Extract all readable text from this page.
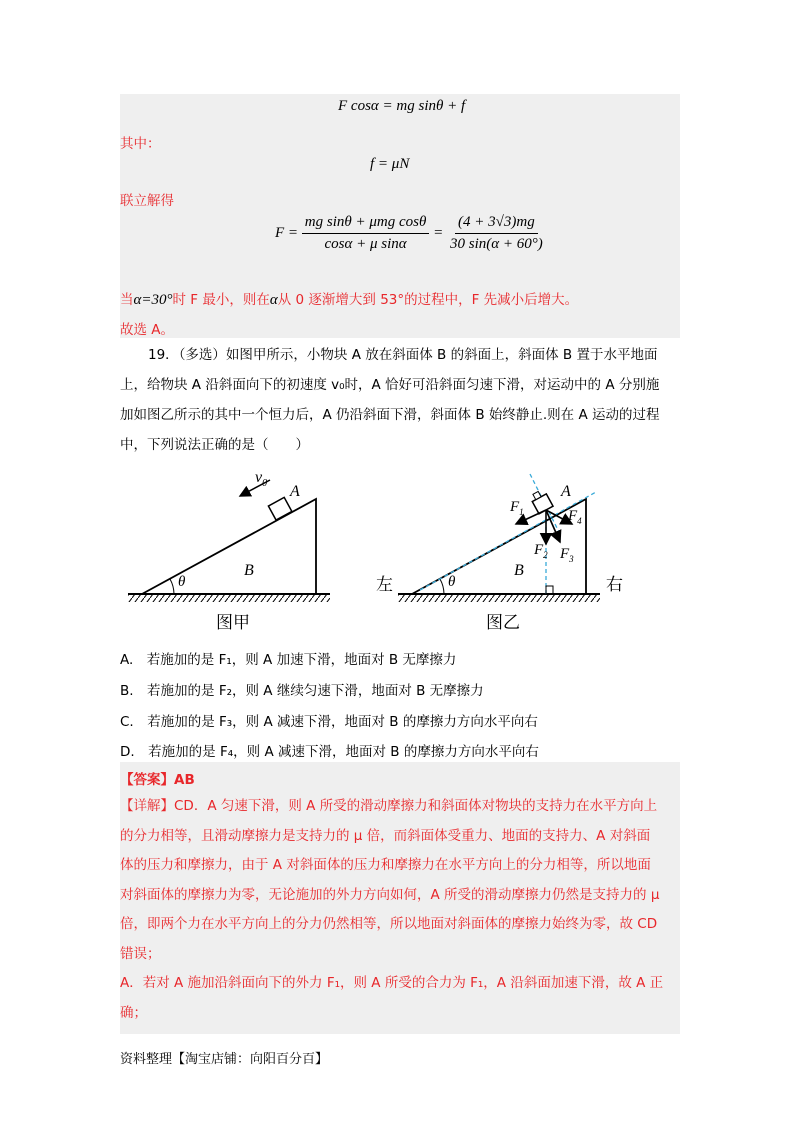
F cosα = mg sinθ + f
其中：
f = μN
联立解得
$F = \frac{\text{mg sinθ + μmg cosθ}}{\text{cosα + μ sinα}} = \frac{(4 + 3√3)mg}{30 \sin(\alpha + 60^\circ)}$
当α=30°时 F 最小，则在α从 0 逐渐增大到 53°的过程中，F 先减小后增大。
故选 A。
19．（多选）如图甲所示，小物块 A 放在斜面体 B 的斜面上，斜面体 B 置于水平地面
上，给物块 A 沿斜面向下的初速度 v₀时，A 恰好可沿斜面匀速下滑，对运动中的 A 分别施
加如图乙所示的其中一个恒力后，A 仍沿斜面下滑，斜面体 B 始终静止.则在 A 运动的过程
中，下列说法正确的是（　　）
$v_0$ A
B
θ
图甲
$F_1$
$F_2$ $F_3$
$F_4$
A
B
θ
左	右
图乙
A.　若施加的是 F₁，则 A 加速下滑，地面对 B 无摩擦力
B.　若施加的是 F₂，则 A 继续匀速下滑，地面对 B 无摩擦力
C.　若施加的是 F₃，则 A 减速下滑，地面对 B 的摩擦力方向水平向右
D.　若施加的是 F₄，则 A 减速下滑，地面对 B 的摩擦力方向水平向右
【答案】AB
【详解】CD．A 匀速下滑，则 A 所受的滑动摩擦力和斜面体对物块的支持力在水平方向上
的分力相等，且滑动摩擦力是支持力的 μ 倍，而斜面体受重力、地面的支持力、A 对斜面
体的压力和摩擦力，由于 A 对斜面体的压力和摩擦力在水平方向上的分力相等，所以地面
对斜面体的摩擦力为零，无论施加的外力方向如何，A 所受的滑动摩擦力仍然是支持力的 μ
倍，即两个力在水平方向上的分力仍然相等，所以地面对斜面体的摩擦力始终为零，故 CD
错误；
A．若对 A 施加沿斜面向下的外力 F₁，则 A 所受的合力为 F₁，A 沿斜面加速下滑，故 A 正
确；
资料整理【淘宝店铺：向阳百分百】
